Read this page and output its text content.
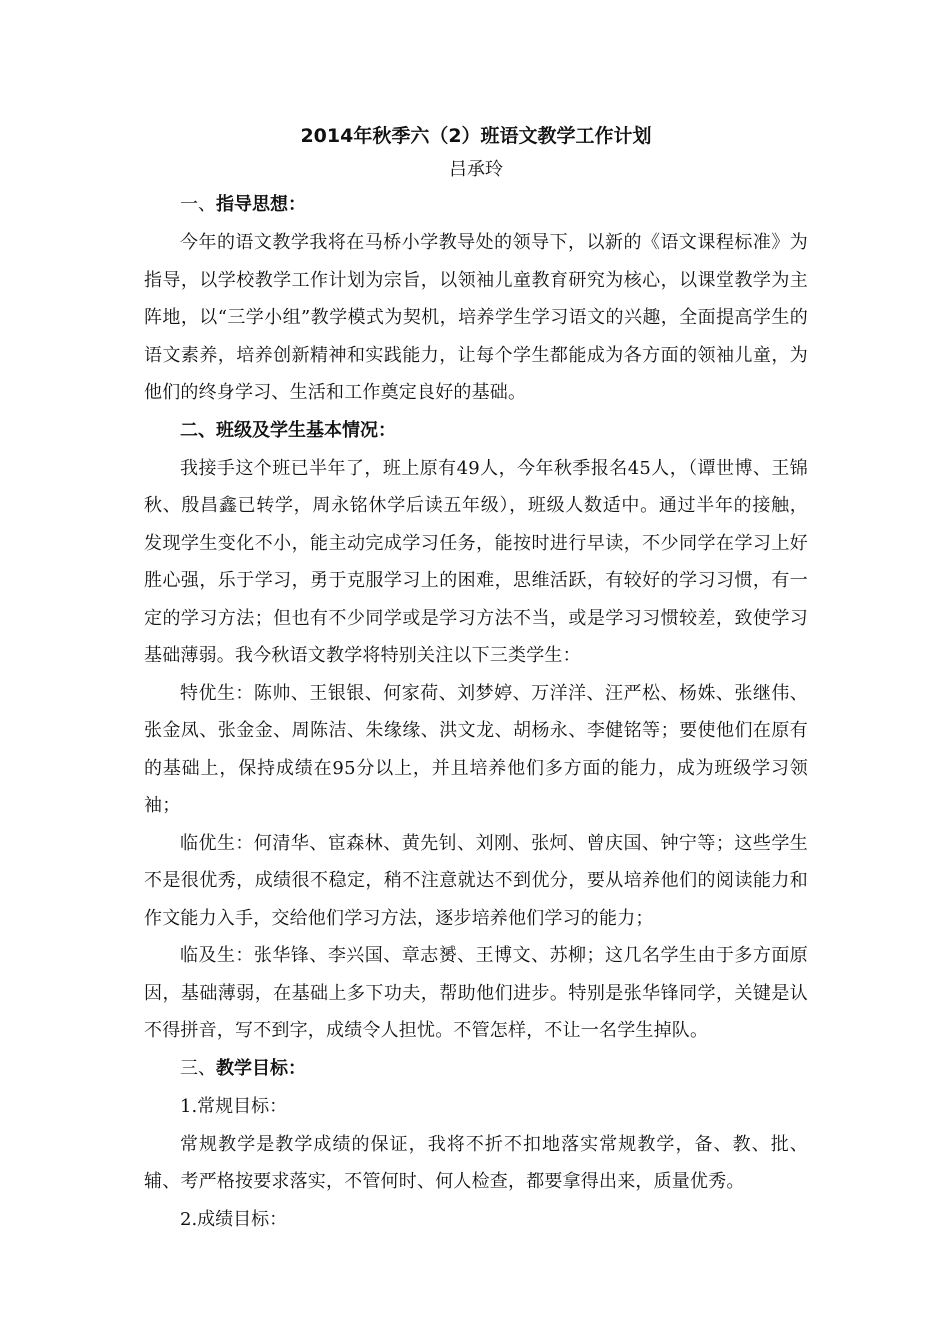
2014年秋季六（2）班语文教学工作计划

吕承玲

一、指导思想：

今年的语文教学我将在马桥小学教导处的领导下，以新的《语文课程标准》为指导，以学校教学工作计划为宗旨，以领袖儿童教育研究为核心，以课堂教学为主阵地，以“三学小组”教学模式为契机，培养学生学习语文的兴趣，全面提高学生的语文素养，培养创新精神和实践能力，让每个学生都能成为各方面的领袖儿童，为他们的终身学习、生活和工作奠定良好的基础。

二、班级及学生基本情况：

我接手这个班已半年了，班上原有49人，今年秋季报名45人，（谭世博、王锦秋、殷昌鑫已转学，周永铭休学后读五年级），班级人数适中。通过半年的接触，发现学生变化不小，能主动完成学习任务，能按时进行早读，不少同学在学习上好胜心强，乐于学习，勇于克服学习上的困难，思维活跃，有较好的学习习惯，有一定的学习方法；但也有不少同学或是学习方法不当，或是学习习惯较差，致使学习基础薄弱。我今秋语文教学将特别关注以下三类学生：

特优生：陈帅、王银银、何家荷、刘梦婷、万洋洋、汪严松、杨姝、张继伟、张金凤、张金金、周陈洁、朱缘缘、洪文龙、胡杨永、李健铭等；要使他们在原有的基础上，保持成绩在95分以上，并且培养他们多方面的能力，成为班级学习领袖；

临优生：何清华、宦森林、黄先钊、刘刚、张炣、曾庆国、钟宁等；这些学生不是很优秀，成绩很不稳定，稍不注意就达不到优分，要从培养他们的阅读能力和作文能力入手，交给他们学习方法，逐步培养他们学习的能力；

临及生：张华锋、李兴国、章志赟、王博文、苏柳；这几名学生由于多方面原因，基础薄弱，在基础上多下功夫，帮助他们进步。特别是张华锋同学，关键是认不得拼音，写不到字，成绩令人担忧。不管怎样，不让一名学生掉队。

三、教学目标：

1.常规目标：

常规教学是教学成绩的保证，我将不折不扣地落实常规教学，备、教、批、辅、考严格按要求落实，不管何时、何人检查，都要拿得出来，质量优秀。

2.成绩目标：
